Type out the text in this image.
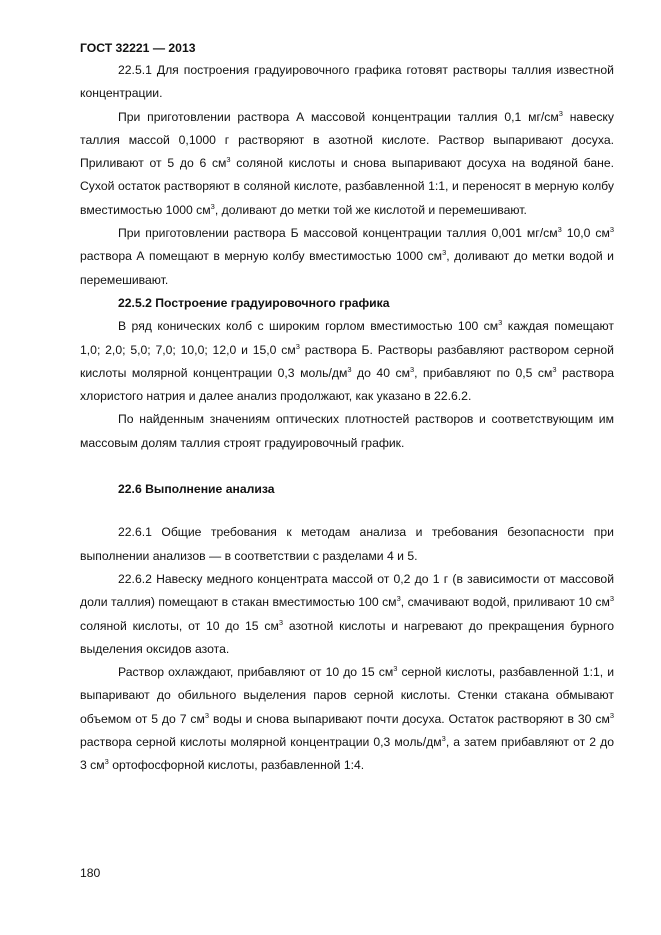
ГОСТ 32221 — 2013

22.5.1 Для построения градуировочного графика готовят растворы таллия известной концентрации.

При приготовлении раствора А массовой концентрации таллия 0,1 $мг/см^3$ навеску таллия массой 0,1000 г растворяют в азотной кислоте. Раствор выпаривают досуха. Приливают от 5 до 6 $см^3$ соляной кислоты и снова выпаривают досуха на водяной бане. Сухой остаток растворяют в соляной кислоте, разбавленной 1:1, и переносят в мерную колбу вместимостью 1000 $см^3$, доливают до метки той же кислотой и перемешивают.

При приготовлении раствора Б массовой концентрации таллия 0,001 $мг/см^3$ 10,0 $см^3$ раствора А помещают в мерную колбу вместимостью 1000 $см^3$, доливают до метки водой и перемешивают.

22.5.2 Построение градуировочного графика

В ряд конических колб с широким горлом вместимостью 100 $см^3$ каждая помещают 1,0; 2,0; 5,0; 7,0; 10,0; 12,0 и 15,0 $см^3$ раствора Б. Растворы разбавляют раствором серной кислоты молярной концентрации 0,3 моль/$дм^3$ до 40 $см^3$, прибавляют по 0,5 $см^3$ раствора хлористого натрия и далее анализ продолжают, как указано в 22.6.2.

По найденным значениям оптических плотностей растворов и соответствующим им массовым долям таллия строят градуировочный график.

22.6 Выполнение анализа

22.6.1 Общие требования к методам анализа и требования безопасности при выполнении анализов — в соответствии с разделами 4 и 5.

22.6.2 Навеску медного концентрата массой от 0,2 до 1 г (в зависимости от массовой доли таллия) помещают в стакан вместимостью 100 $см^3$, смачивают водой, приливают 10 $см^3$ соляной кислоты, от 10 до 15 $см^3$ азотной кислоты и нагревают до прекращения бурного выделения оксидов азота.

Раствор охлаждают, прибавляют от 10 до 15 $см^3$ серной кислоты, разбавленной 1:1, и выпаривают до обильного выделения паров серной кислоты. Стенки стакана обмывают объемом от 5 до 7 $см^3$ воды и снова выпаривают почти досуха. Остаток растворяют в 30 $см^3$ раствора серной кислоты молярной концентрации 0,3 моль/$дм^3$, а затем прибавляют от 2 до 3 $см^3$ ортофосфорной кислоты, разбавленной 1:4.

180
